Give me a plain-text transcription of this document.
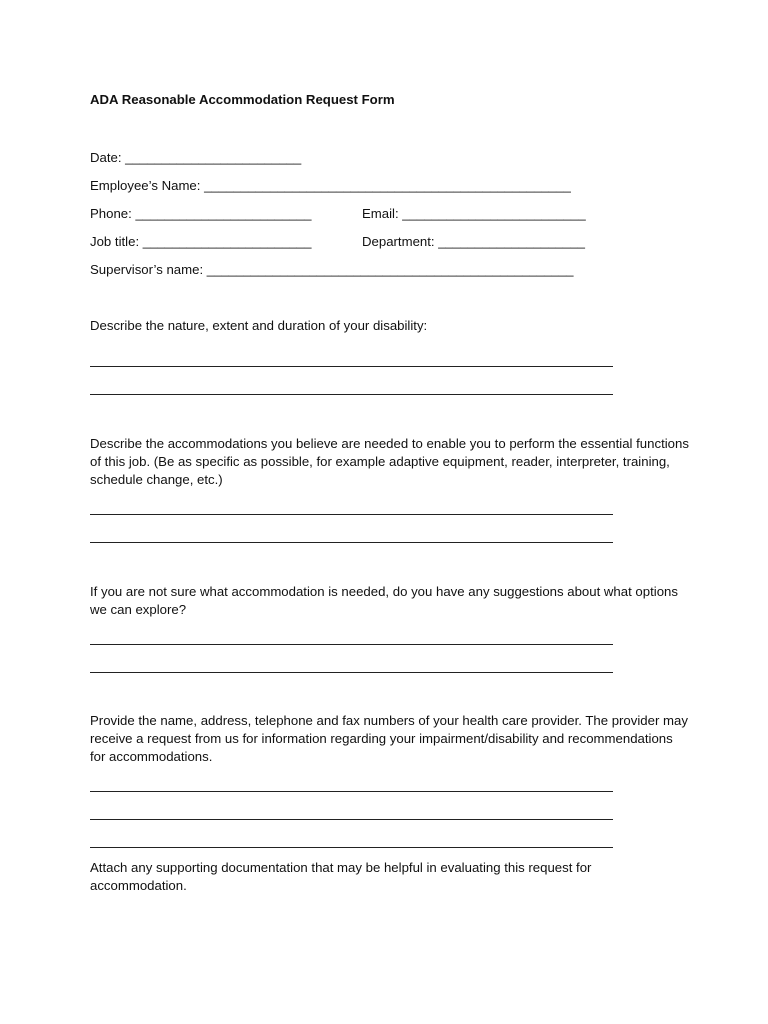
ADA Reasonable Accommodation Request Form
Date: ________________________
Employee’s Name: __________________________________________________
Phone: ________________________	Email: _________________________
Job title: _______________________	Department: ____________________
Supervisor’s name: __________________________________________________
Describe the nature, extent and duration of your disability:
Describe the accommodations you believe are needed to enable you to perform the essential functions of this job. (Be as specific as possible, for example adaptive equipment, reader, interpreter, training, schedule change, etc.)
If you are not sure what accommodation is needed, do you have any suggestions about what options we can explore?
Provide the name, address, telephone and fax numbers of your health care provider. The provider may receive a request from us for information regarding your impairment/disability and recommendations for accommodations.
Attach any supporting documentation that may be helpful in evaluating this request for accommodation.
